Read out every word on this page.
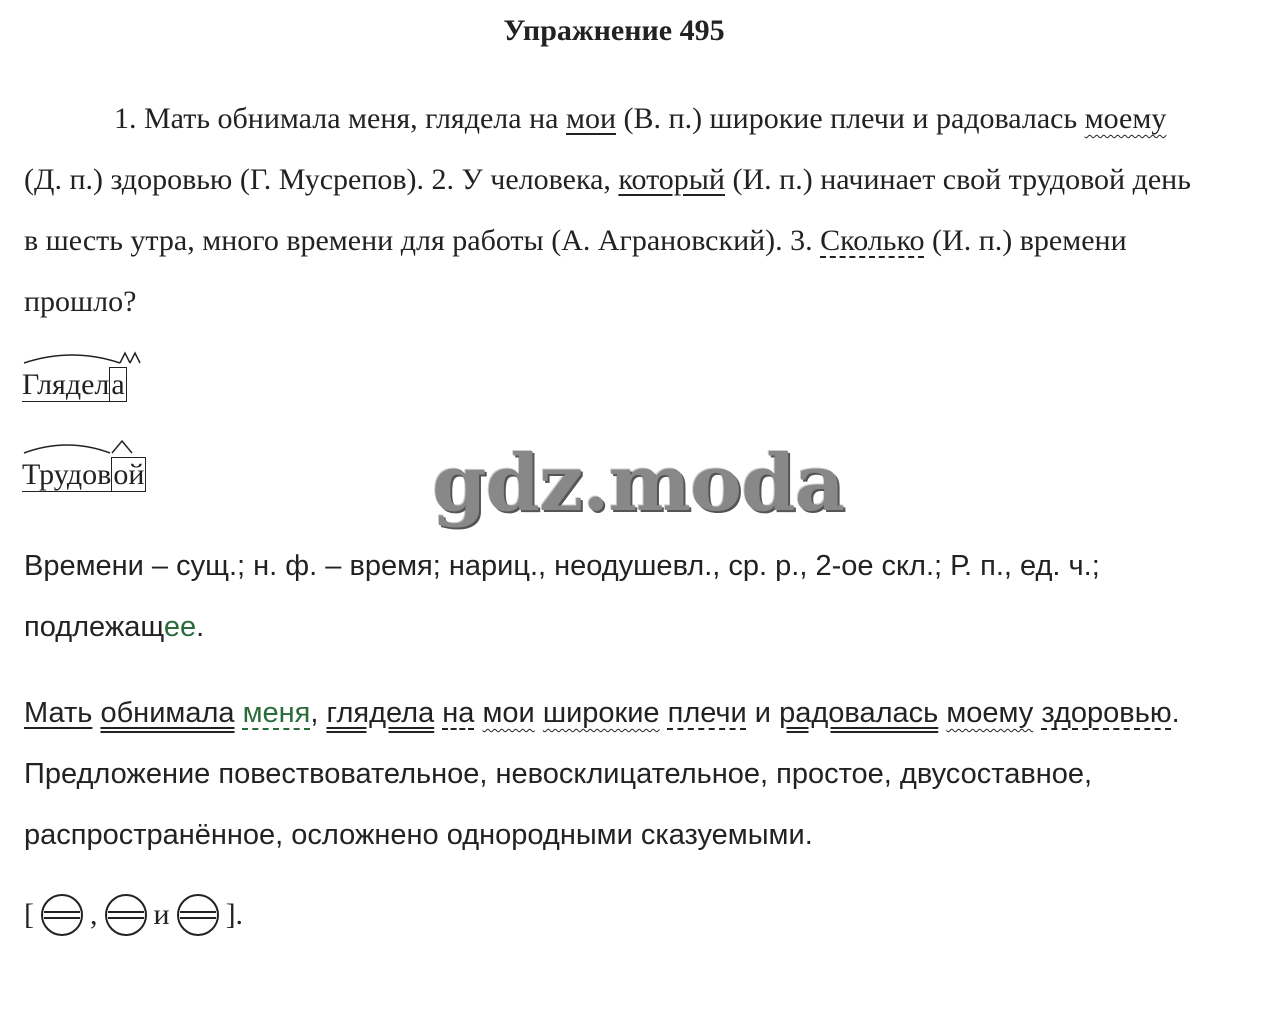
Упражнение 495
1. Мать обнимала меня, глядела на мои (В. п.) широкие плечи и радовалась моему (Д. п.) здоровью (Г. Мусрепов). 2. У человека, который (И. п.) начинает свой трудовой день в шесть утра, много времени для работы (А. Аграновский). 3. Сколько (И. п.) времени прошло?
Глядела
Трудовой	gdz.moda
Времени – сущ.; н. ф. – время; нариц., неодушевл., ср. р., 2-ое скл.; Р. п., ед. ч.; подлежащее.
Мать обнимала меня, глядела на мои широкие плечи и радовалась моему здоровью. Предложение повествовательное, невосклицательное, простое, двусоставное, распространённое, осложнено однородными сказуемыми.
[ , и ].
